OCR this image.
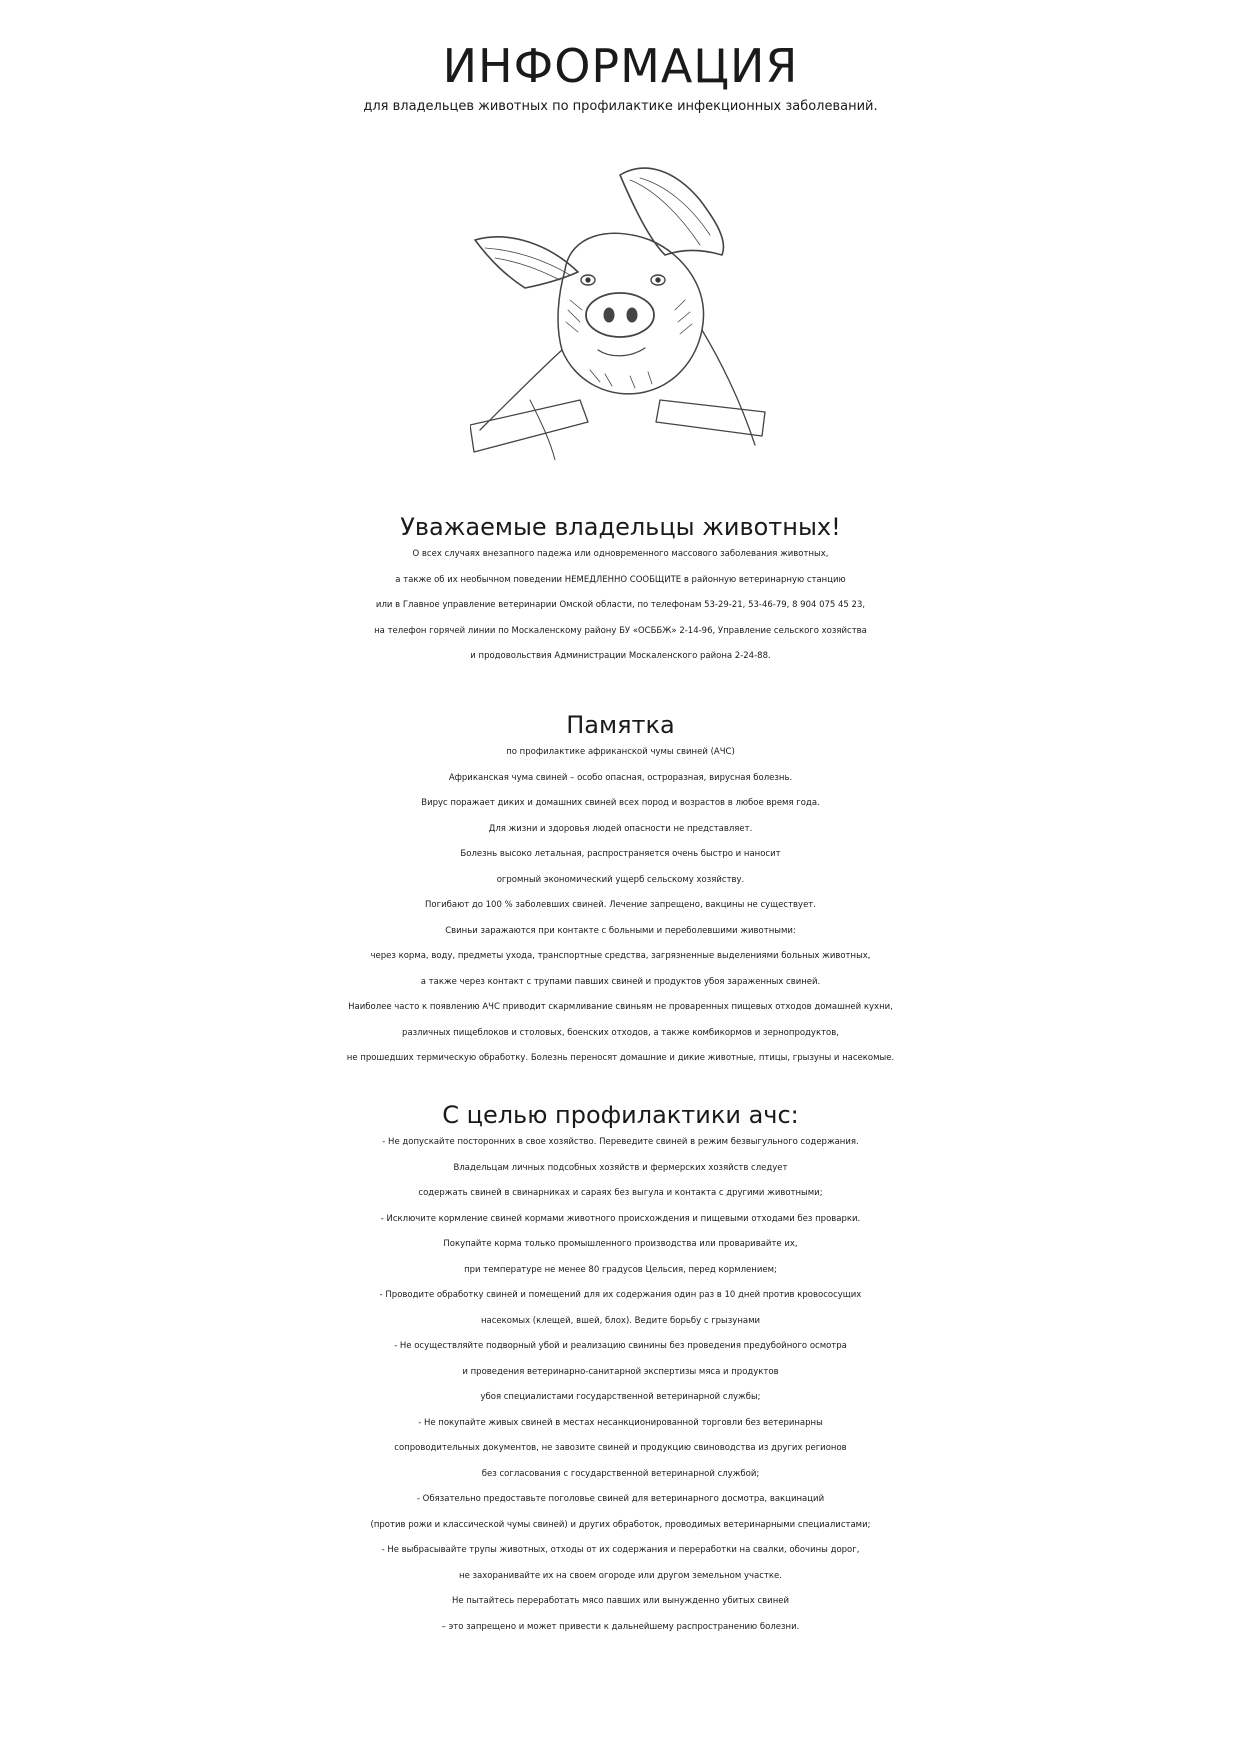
ИНФОРМАЦИЯ
для владельцев животных по профилактике инфекционных заболеваний.
Уважаемые владельцы животных!
О всех случаях внезапного падежа или одновременного массового заболевания животных,
а также об их необычном поведении НЕМЕДЛЕННО СООБЩИТЕ в районную ветеринарную станцию
или в Главное управление ветеринарии Омской области, по телефонам 53-29-21, 53-46-79, 8 904 075 45 23,
на телефон горячей линии по Москаленскому району БУ «ОСББЖ» 2-14-96, Управление сельского хозяйства
и продовольствия Администрации Москаленского района 2-24-88.
Памятка
по профилактике африканской чумы свиней (АЧС)
Африканская чума свиней – особо опасная, остроразная, вирусная болезнь.
Вирус поражает диких и домашних свиней всех пород и возрастов в любое время года.
Для жизни и здоровья людей опасности не представляет.
Болезнь высоко летальная, распространяется очень быстро и наносит
огромный экономический ущерб сельскому хозяйству.
Погибают до 100 % заболевших свиней. Лечение запрещено, вакцины не существует.
Свиньи заражаются при контакте с больными и переболевшими животными:
через корма, воду, предметы ухода, транспортные средства, загрязненные выделениями больных животных,
а также через контакт с трупами павших свиней и продуктов убоя зараженных свиней.
Наиболее часто к появлению АЧС приводит скармливание свиньям не проваренных пищевых отходов домашней кухни,
различных пищеблоков и столовых, боенских отходов, а также комбикормов и зернопродуктов,
не прошедших термическую обработку. Болезнь переносят домашние и дикие животные, птицы, грызуны и насекомые.
С целью профилактики ачс:
- Не допускайте посторонних в свое хозяйство. Переведите свиней в режим безвыгульного содержания.
Владельцам личных подсобных хозяйств и фермерских хозяйств следует
содержать свиней в свинарниках и сараях без выгула и контакта с другими животными;
- Исключите кормление свиней кормами животного происхождения и пищевыми отходами без проварки.
Покупайте корма только промышленного производства или проваривайте их,
при температуре не менее 80 градусов Цельсия, перед кормлением;
- Проводите обработку свиней и помещений для их содержания один раз в 10 дней против кровососущих
насекомых (клещей, вшей, блох). Ведите борьбу с грызунами
- Не осуществляйте подворный убой и реализацию свинины без проведения предубойного осмотра
и проведения ветеринарно-санитарной экспертизы мяса и продуктов
убоя специалистами государственной ветеринарной службы;
- Не покупайте живых свиней в местах несанкционированной торговли без ветеринарны
сопроводительных документов, не завозите свиней и продукцию свиноводства из других регионов
без согласования с государственной ветеринарной службой;
- Обязательно предоставьте поголовье свиней для ветеринарного досмотра, вакцинаций
(против рожи и классической чумы свиней) и других обработок, проводимых ветеринарными специалистами;
- Не выбрасывайте трупы животных, отходы от их содержания и переработки на свалки, обочины дорог,
не захоранивайте их на своем огороде или другом земельном участке.
Не пытайтесь переработать мясо павших или вынужденно убитых свиней
– это запрещено и может привести к дальнейшему распространению болезни.
